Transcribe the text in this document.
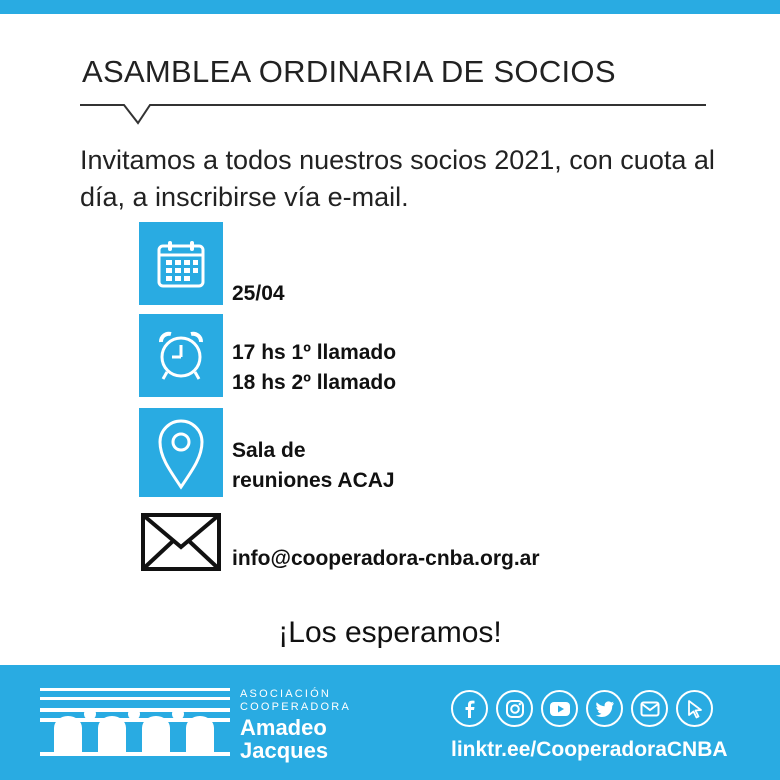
ASAMBLEA ORDINARIA DE SOCIOS
Invitamos a todos nuestros socios 2021, con cuota al día, a inscribirse vía e-mail.
25/04
17 hs 1º llamado
18 hs 2º llamado
Sala de
reuniones ACAJ
info@cooperadora-cnba.org.ar
¡Los esperamos!
ASOCIACIÓN
COOPERADORA
Amadeo
Jacques	linktr.ee/CooperadoraCNBA
